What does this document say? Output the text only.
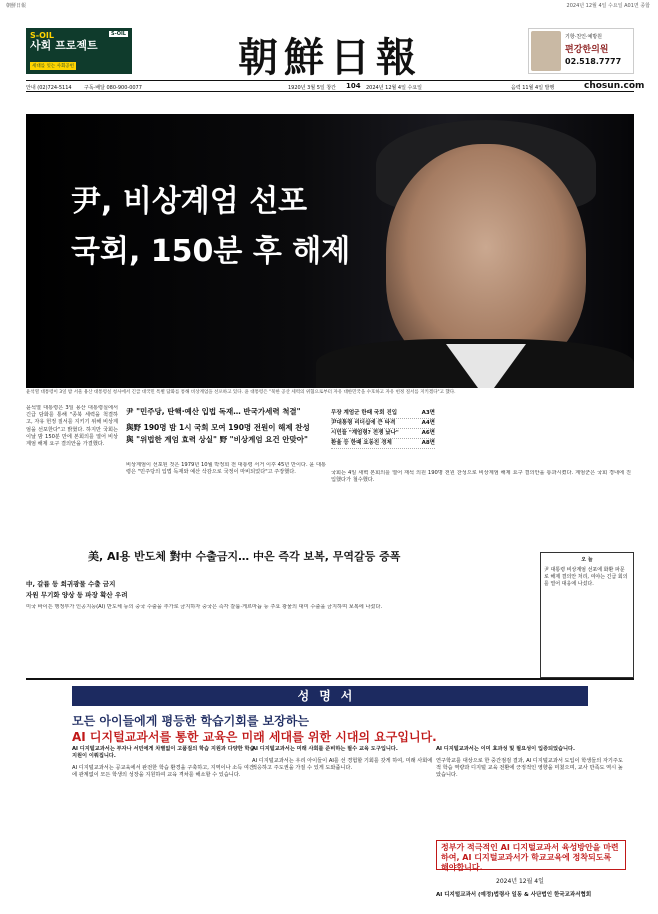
朝鮮日報	2024년 12월 4일 수요일 A01면 종합
S-OIL
S-OIL
사회 프로젝트
세대를 잇는 사회공헌	朝鮮日報	기항·친인·예방원
편강한의원
02.518.7777
안내 (02)724-5114 구독·배달 080-900-0077	1920년 3월 5일 창간 104 2024년 12월 4일 수요일	음력 11월 4일 발행	chosun.com
尹, 비상계엄 선포
국회, 150분 후 해제
윤석열 대통령이 3일 밤 서울 용산 대통령실 청사에서 긴급 대국민 특별 담화를 통해 비상계엄을 선포하고 있다. 윤 대통령은 "북한 공산 세력의 위협으로부터 자유 대한민국을 수호하고 자유 헌정 질서를 지키겠다"고 했다.
윤석열 대통령은 3일 용산 대통령실에서 긴급 담화를 통해 "종북 세력을 척결하고, 자유 헌정 질서를 지키기 위해 비상계엄을 선포한다"고 밝혔다. 하지만 국회는 이날 밤 150분 만에 본회의를 열어 비상계엄 해제 요구 결의안을 가결했다.
尹 "민주당, 탄핵·예산 입법 독재… 반국가세력 척결"
與野 190명 밤 1시 국회 모여 190명 전원이 해제 찬성
與 "위법한 계엄 효력 상실" 野 "비상계엄 요건 안맞아"
비상계엄이 선포된 것은 1979년 10월 박정희 전 대통령 서거 이후 45년 만이다. 윤 대통령은 "민주당의 입법 독재와 예산 삭감으로 국정이 마비되었다"고 주장했다.
무장 계엄군 한때 국회 진입	A3면
尹대통령 리더십에 큰 타격	A4면
시민들 "계엄령? 전쟁 났나"	A6면
환율 등 한때 요동친 경제	A8면
국회는 4일 새벽 본회의를 열어 재석 의원 190명 전원 찬성으로 비상계엄 해제 요구 결의안을 통과시켰다. 계엄군은 국회 경내에 진입했다가 철수했다.
美, AI용 반도체 對中 수출금지… 中은 즉각 보복, 무역갈등 증폭
中, 갈륨 등 희귀광물 수출 금지
자원 무기화 양상 등 파장 확산 우려
미국 바이든 행정부가 인공지능(AI) 반도체 등의 중국 수출을 추가로 금지하자 중국은 즉각 갈륨·게르마늄 등 주요 광물의 대미 수출을 금지하며 보복에 나섰다.
오 늘
尹 대통령 비상계엄 선포에 화환 파문 로 해제 결의안 처리, 여야는 긴급 회의를 열어 대응에 나섰다.
성명서
모든 아이들에게 평등한 학습기회를 보장하는
AI 디지털교과서를 통한 교육은 미래 세대를 위한 시대의 요구입니다.

AI 디지털교과서는 부자나 서민에게 차별없이 고품질의 학습 지원과 다양한 학습 지원이 이뤄집니다.

AI 디지털교과서는 공교육에서 완전한 학습 환경을 구축하고, 지역이나 소득 여건에 관계없이 모든 학생의 성장을 지원하여 교육 격차를 해소할 수 있습니다.

AI 디지털교과서는 미래 사회를 준비하는 필수 교육 도구입니다.

AI 디지털교과서는 우리 아이들이 AI를 선 경험할 기회를 갖게 하여, 미래 사회에 적응하고 주도권을 가질 수 있게 도와줍니다.

AI 디지털교과서는 이미 효과성 및 필요성이 입증되었습니다.

연구학교를 대상으로 한 중간점검 결과, AI 디지털교과서 도입이 학생들의 자기주도적 학습 역량과 디지털 교육 전환에 긍정적인 영향을 미쳤으며, 교사 만족도 역시 높았습니다.

정부가 적극적인 AI 디지털교과서 육성방안을 마련하여, AI 디지털교과서가 학교교육에 정착되도록 해야합니다.
2024년 12월 4일
AI 디지털교과서 (예정)법령사 일동 & 사단법인 한국교과서협회
